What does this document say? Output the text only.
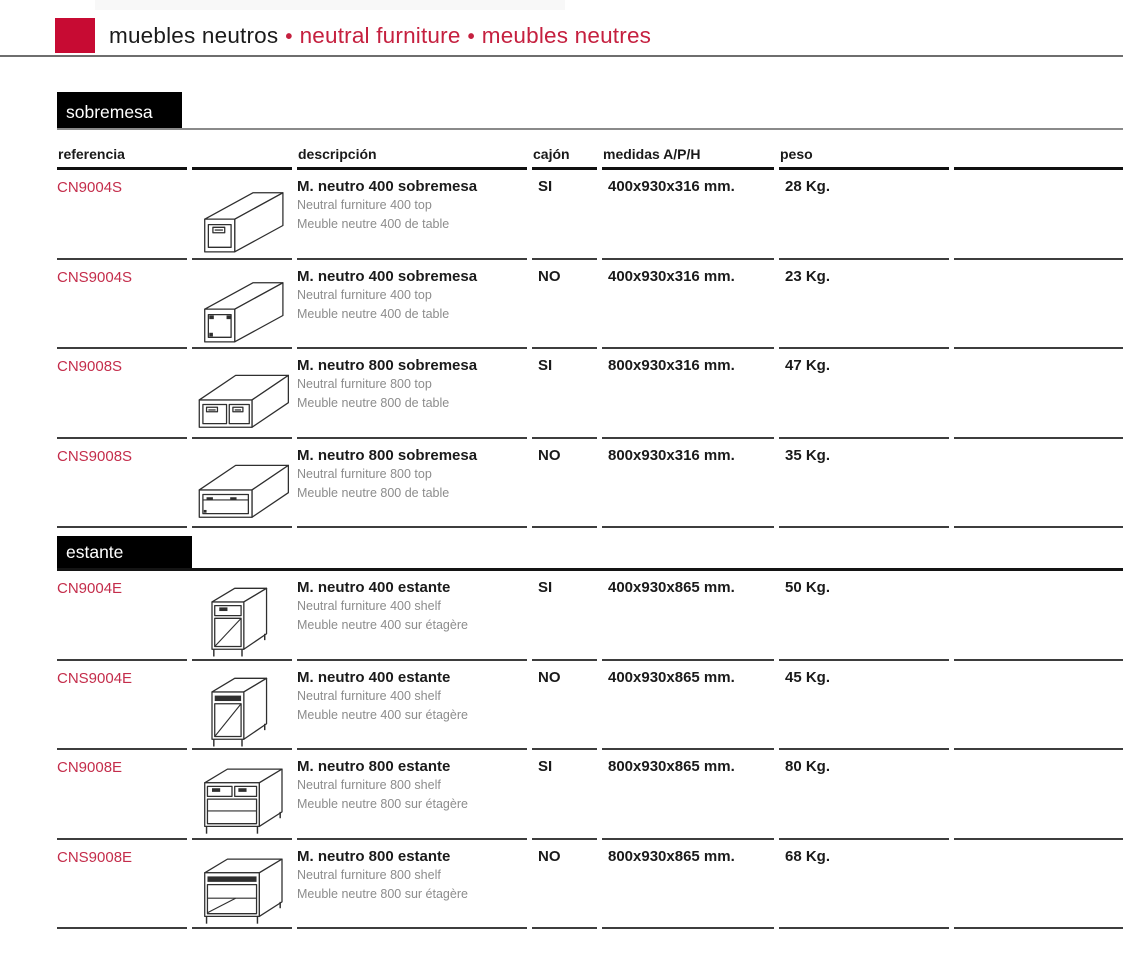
muebles neutros • neutral furniture • meubles neutres
sobremesa
referencia	descripción	cajón	medidas A/P/H	peso
CN9004S	M. neutro 400 sobremesa
Neutral furniture 400 top
Meuble neutre 400 de table
SI	400x930x316 mm.	28 Kg.
CNS9004S	M. neutro 400 sobremesa
Neutral furniture 400 top
Meuble neutre 400 de table
NO	400x930x316 mm.	23 Kg.
CN9008S	M. neutro 800 sobremesa
Neutral furniture 800 top
Meuble neutre 800 de table
SI	800x930x316 mm.	47 Kg.
CNS9008S	M. neutro 800 sobremesa
Neutral furniture 800 top
Meuble neutre 800 de table
NO	800x930x316 mm.	35 Kg.
estante
CN9004E	M. neutro 400 estante
Neutral furniture 400 shelf
Meuble neutre 400 sur étagère
SI	400x930x865 mm.	50 Kg.
CNS9004E	M. neutro 400 estante
Neutral furniture 400 shelf
Meuble neutre 400 sur étagère
NO	400x930x865 mm.	45 Kg.
CN9008E	M. neutro 800 estante
Neutral furniture 800 shelf
Meuble neutre 800 sur étagère
SI	800x930x865 mm.	80 Kg.
CNS9008E	M. neutro 800 estante
Neutral furniture 800 shelf
Meuble neutre 800 sur étagère
NO	800x930x865 mm.	68 Kg.
